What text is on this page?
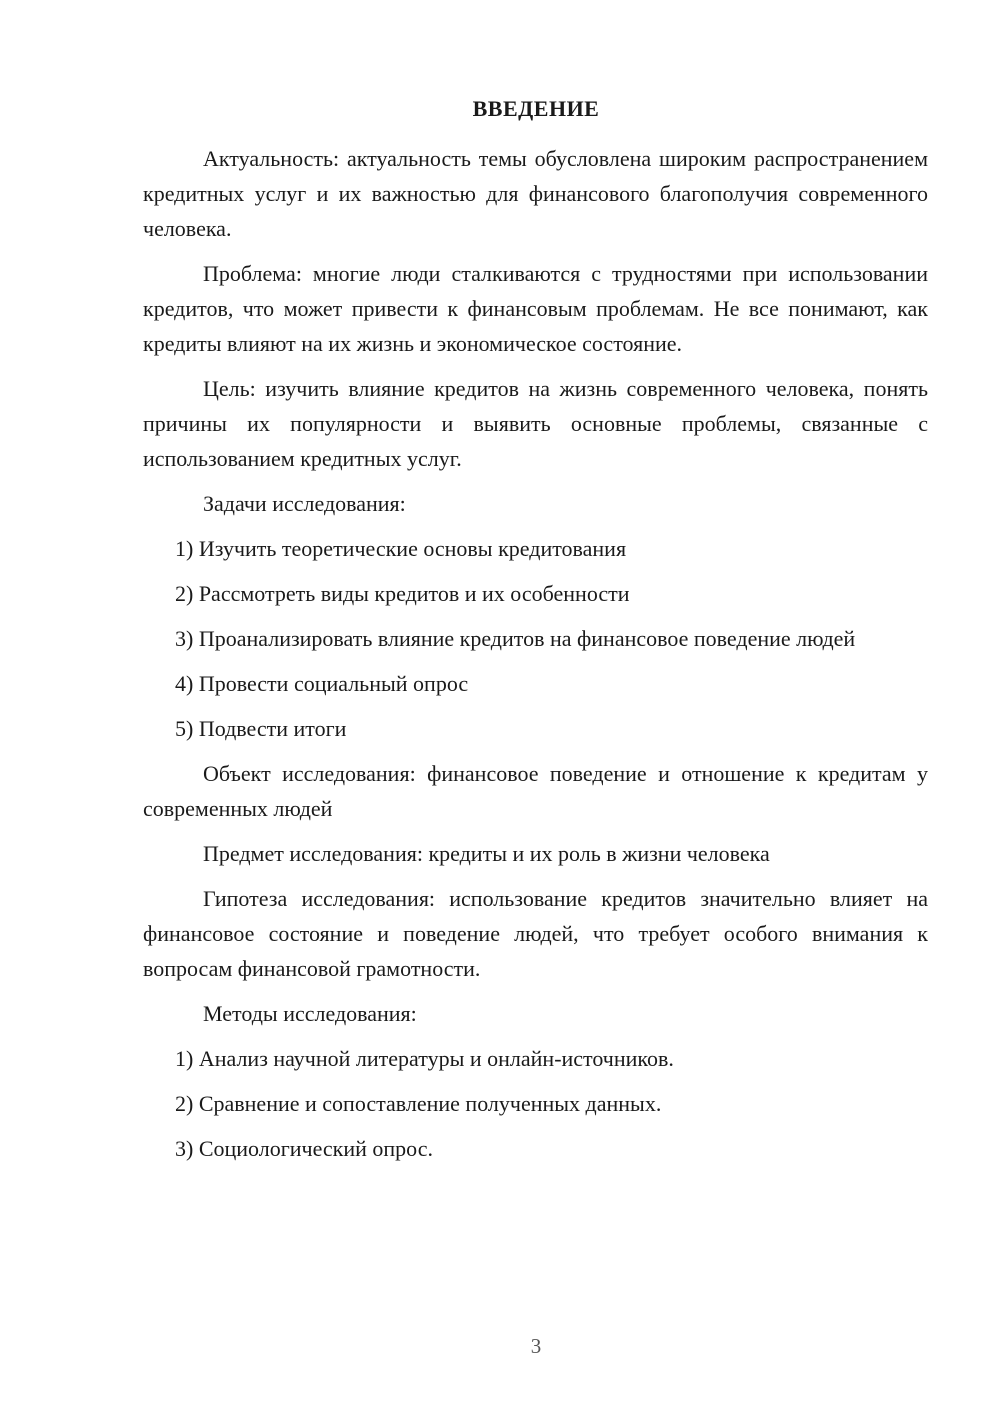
ВВЕДЕНИЕ

Актуальность: актуальность темы обусловлена широким распространением кредитных услуг и их важностью для финансового благополучия современного человека.

Проблема: многие люди сталкиваются с трудностями при использовании кредитов, что может привести к финансовым проблемам. Не все понимают, как кредиты влияют на их жизнь и экономическое состояние.

Цель: изучить влияние кредитов на жизнь современного человека, понять причины их популярности и выявить основные проблемы, связанные с использованием кредитных услуг.

Задачи исследования:

1) Изучить теоретические основы кредитования

2) Рассмотреть виды кредитов и их особенности

3) Проанализировать влияние кредитов на финансовое поведение людей

4) Провести социальный опрос

5) Подвести итоги

Объект исследования: финансовое поведение и отношение к кредитам у современных людей

Предмет исследования: кредиты и их роль в жизни человека

Гипотеза исследования: использование кредитов значительно влияет на финансовое состояние и поведение людей, что требует особого внимания к вопросам финансовой грамотности.

Методы исследования:

1) Анализ научной литературы и онлайн-источников.

2) Сравнение и сопоставление полученных данных.

3) Социологический опрос.

3
